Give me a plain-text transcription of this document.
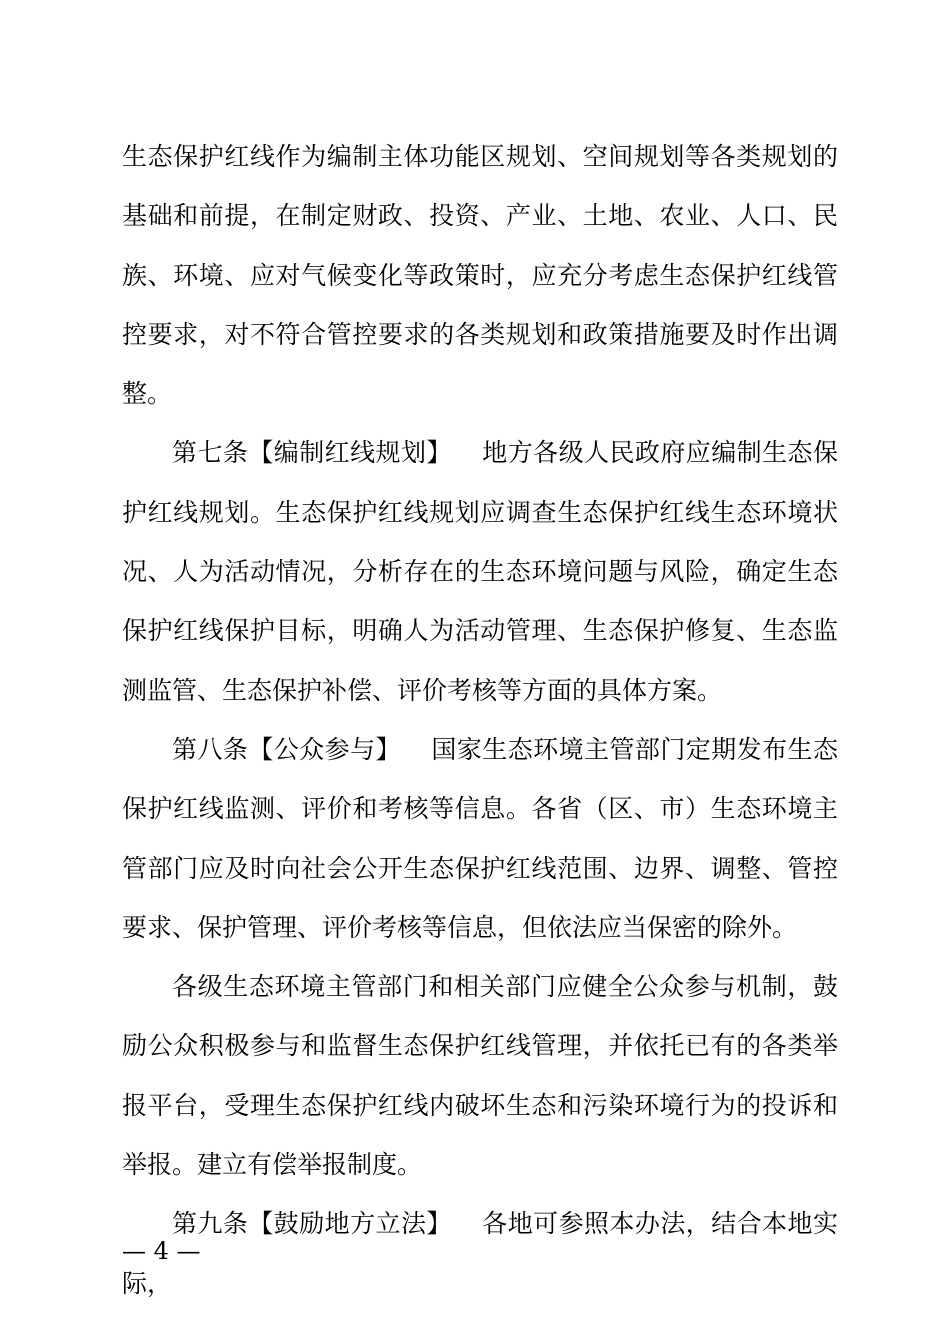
生态保护红线作为编制主体功能区规划、空间规划等各类规划的基础和前提，在制定财政、投资、产业、土地、农业、人口、民族、环境、应对气候变化等政策时，应充分考虑生态保护红线管控要求，对不符合管控要求的各类规划和政策措施要及时作出调整。

第七条【编制红线规划】 地方各级人民政府应编制生态保护红线规划。生态保护红线规划应调查生态保护红线生态环境状况、人为活动情况，分析存在的生态环境问题与风险，确定生态保护红线保护目标，明确人为活动管理、生态保护修复、生态监测监管、生态保护补偿、评价考核等方面的具体方案。

第八条【公众参与】 国家生态环境主管部门定期发布生态保护红线监测、评价和考核等信息。各省（区、市）生态环境主管部门应及时向社会公开生态保护红线范围、边界、调整、管控要求、保护管理、评价考核等信息，但依法应当保密的除外。

各级生态环境主管部门和相关部门应健全公众参与机制，鼓励公众积极参与和监督生态保护红线管理，并依托已有的各类举报平台，受理生态保护红线内破坏生态和污染环境行为的投诉和举报。建立有偿举报制度。

第九条【鼓励地方立法】 各地可参照本办法，结合本地实际，

— 4 —
